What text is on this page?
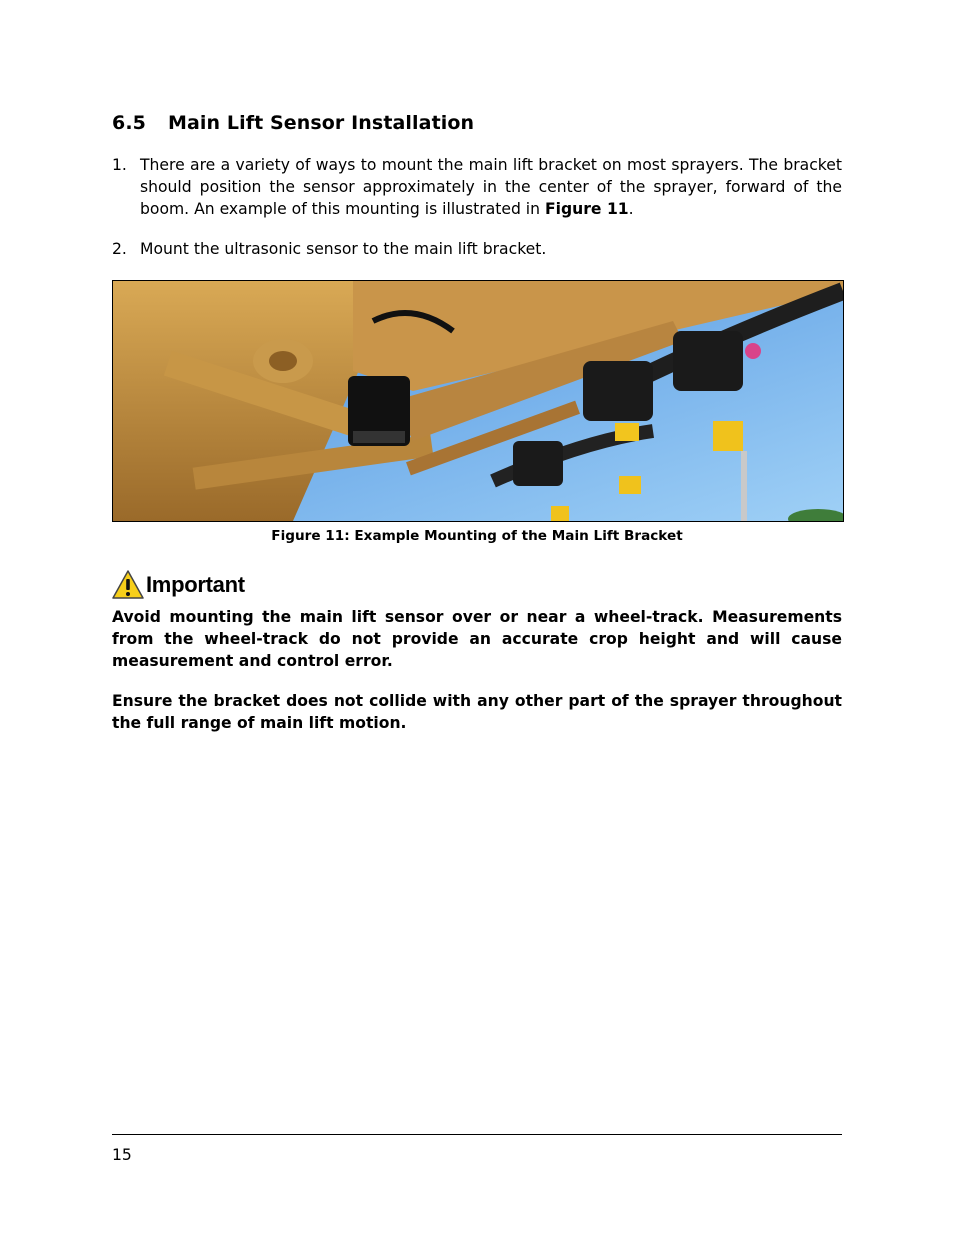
6.5 Main Lift Sensor Installation
1. There are a variety of ways to mount the main lift bracket on most sprayers. The bracket should position the sensor approximately in the center of the sprayer, forward of the boom. An example of this mounting is illustrated in Figure 11.
2. Mount the ultrasonic sensor to the main lift bracket.
Figure 11: Example Mounting of the Main Lift Bracket
Important
Avoid mounting the main lift sensor over or near a wheel-track. Measurements from the wheel-track do not provide an accurate crop height and will cause measurement and control error.
Ensure the bracket does not collide with any other part of the sprayer throughout the full range of main lift motion.
15
